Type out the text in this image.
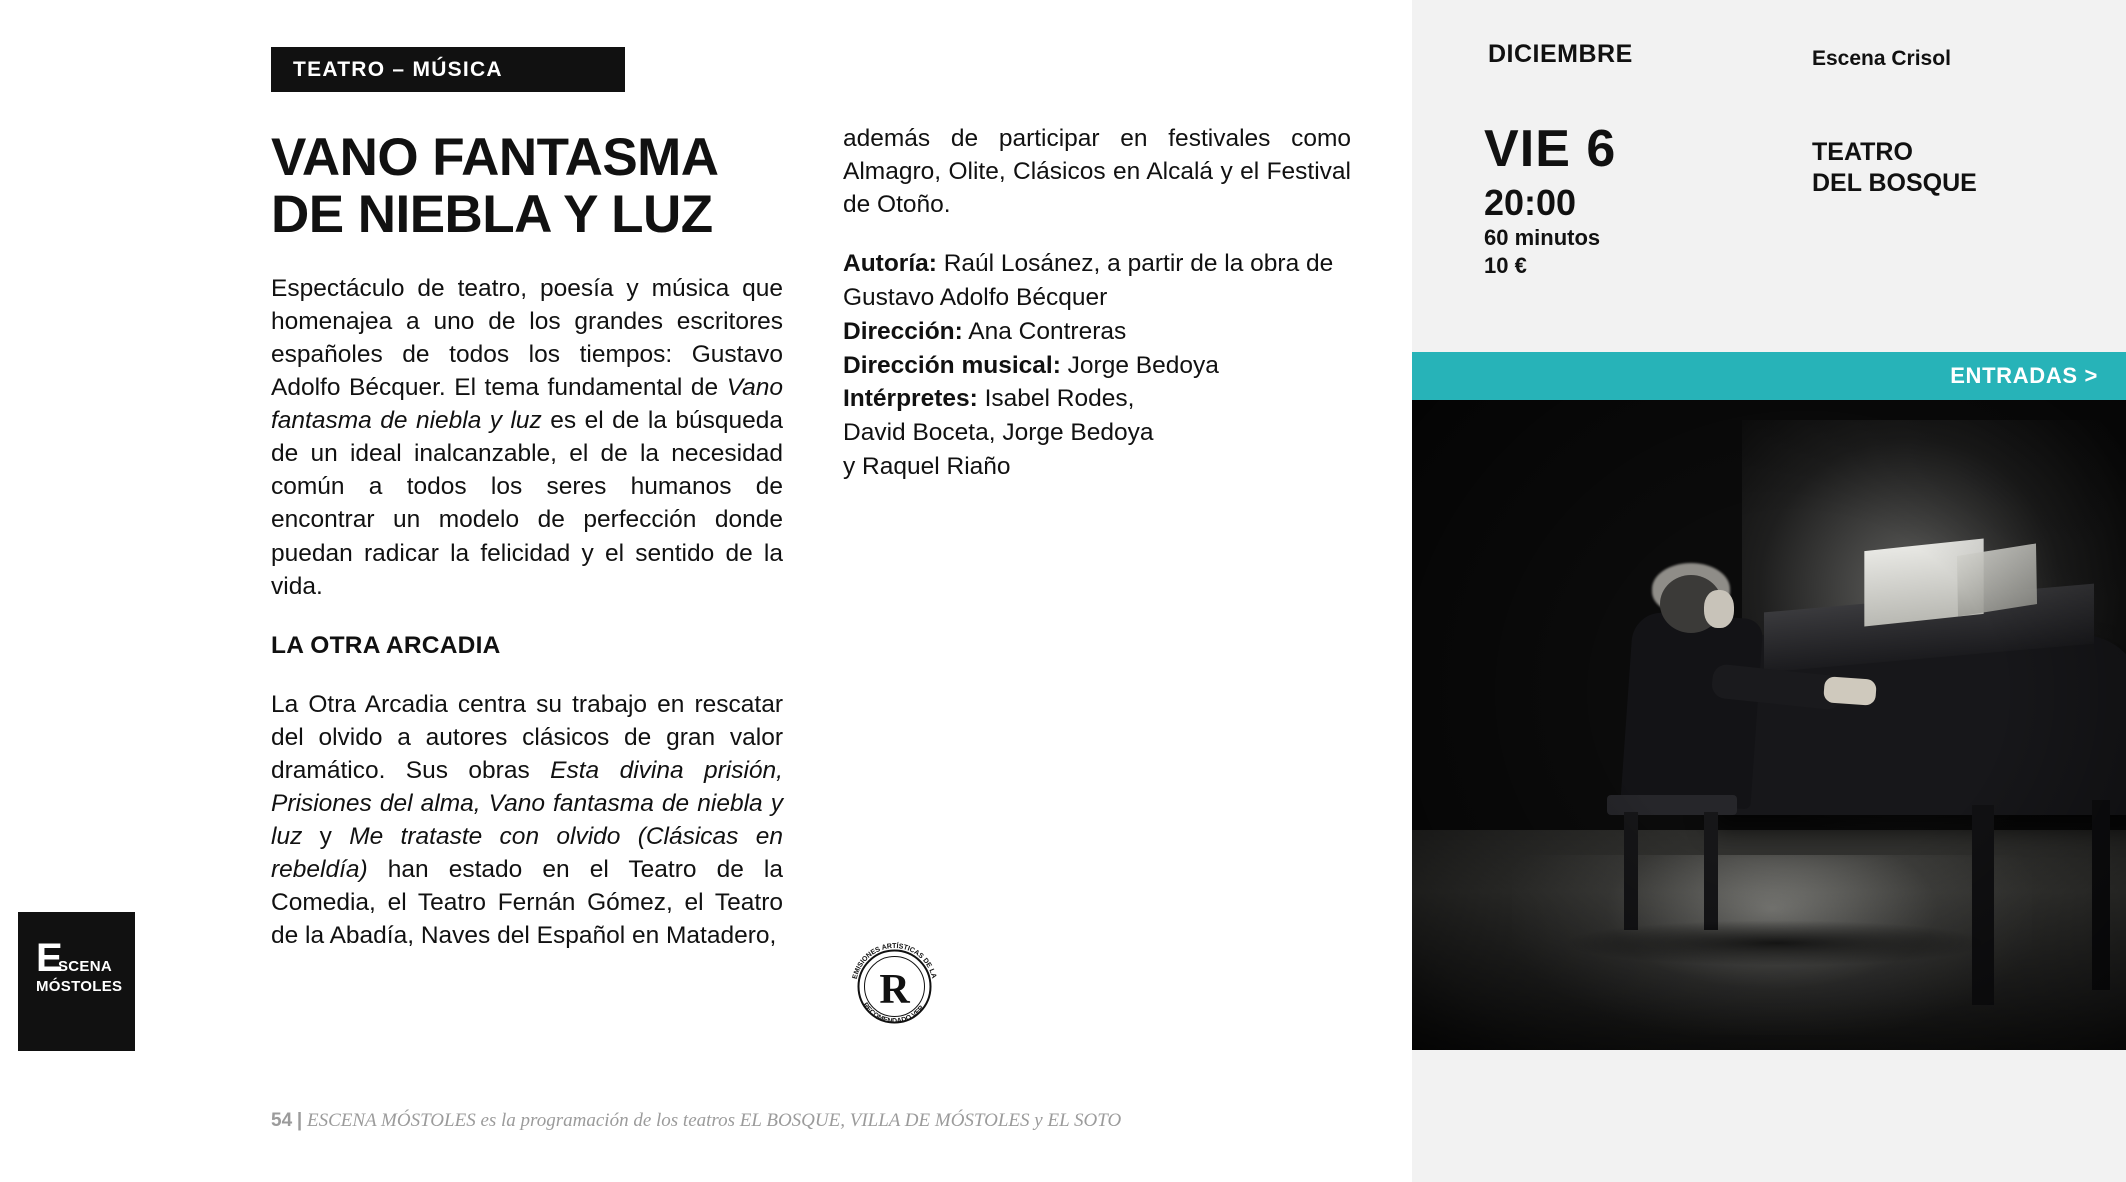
TEATRO – MÚSICA
VANO FANTASMA
DE NIEBLA Y LUZ

Espectáculo de teatro, poesía y música que homenajea a uno de los grandes escritores españoles de todos los tiempos: Gustavo Adolfo Bécquer. El tema fundamental de Vano fantasma de niebla y luz es el de la búsqueda de un ideal inalcanzable, el de la necesidad común a todos los seres humanos de encontrar un modelo de perfección donde puedan radicar la felicidad y el sentido de la vida.

LA OTRA ARCADIA

La Otra Arcadia centra su trabajo en rescatar del olvido a autores clásicos de gran valor dramático. Sus obras Esta divina prisión, Prisiones del alma, Vano fantasma de niebla y luz y Me trataste con olvido (Clásicas en rebeldía) han estado en el Teatro de la Comedia, el Teatro Fernán Gómez, el Teatro de la Abadía, Naves del Español en Matadero,

además de participar en festivales como Almagro, Olite, Clásicos en Alcalá y el Festival de Otoño.

Autoría: Raúl Losánez, a partir de la obra de Gustavo Adolfo Bécquer
Dirección: Ana Contreras
Dirección musical: Jorge Bedoya
Intérpretes: Isabel Rodes,
David Boceta, Jorge Bedoya
y Raquel Riaño

E
SCENA
MÓSTOLES
EMISIONES ARTÍSTICAS DE LA
RECOMENDADO VER
R
54 | ESCENA MÓSTOLES es la programación de los teatros EL BOSQUE, VILLA DE MÓSTOLES y EL SOTO
DICIEMBRE	Escena Crisol
VIE 6
20:00
60 minutos
10 €
TEATRO
DEL BOSQUE
ENTRADAS >
